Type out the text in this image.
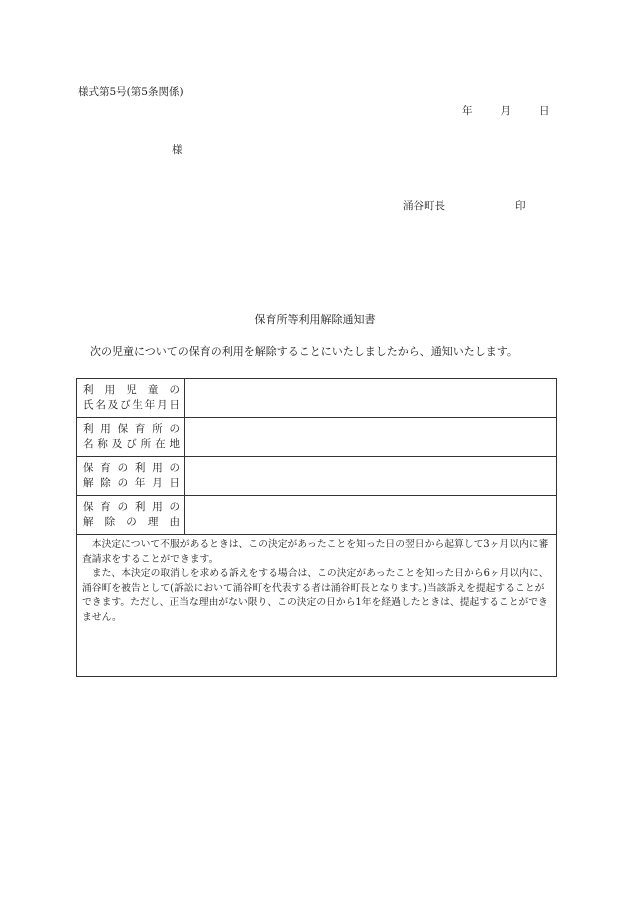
様式第5号(第5条関係)
年	月	日
様
涌谷町長	印
保育所等利用解除通知書
次の児童についての保育の利用を解除することにいたしましたから、通知いたします。
利 用 児 童 の
氏名及び生年月日	

利 用 保 育 所 の
名 称 及 び 所 在 地	

保 育 の 利 用 の
解 除 の 年 月 日	

保 育 の 利 用 の
解 除 の 理 由	

本決定について不服があるときは、この決定があったことを知った日の翌日から起算して3ヶ月以内に審査請求をすることができます。

また、本決定の取消しを求める訴えをする場合は、この決定があったことを知った日から6ヶ月以内に、涌谷町を被告として(訴訟において涌谷町を代表する者は涌谷町長となります。)当該訴えを提起することができます。ただし、正当な理由がない限り、この決定の日から1年を経過したときは、提起することができません。	
